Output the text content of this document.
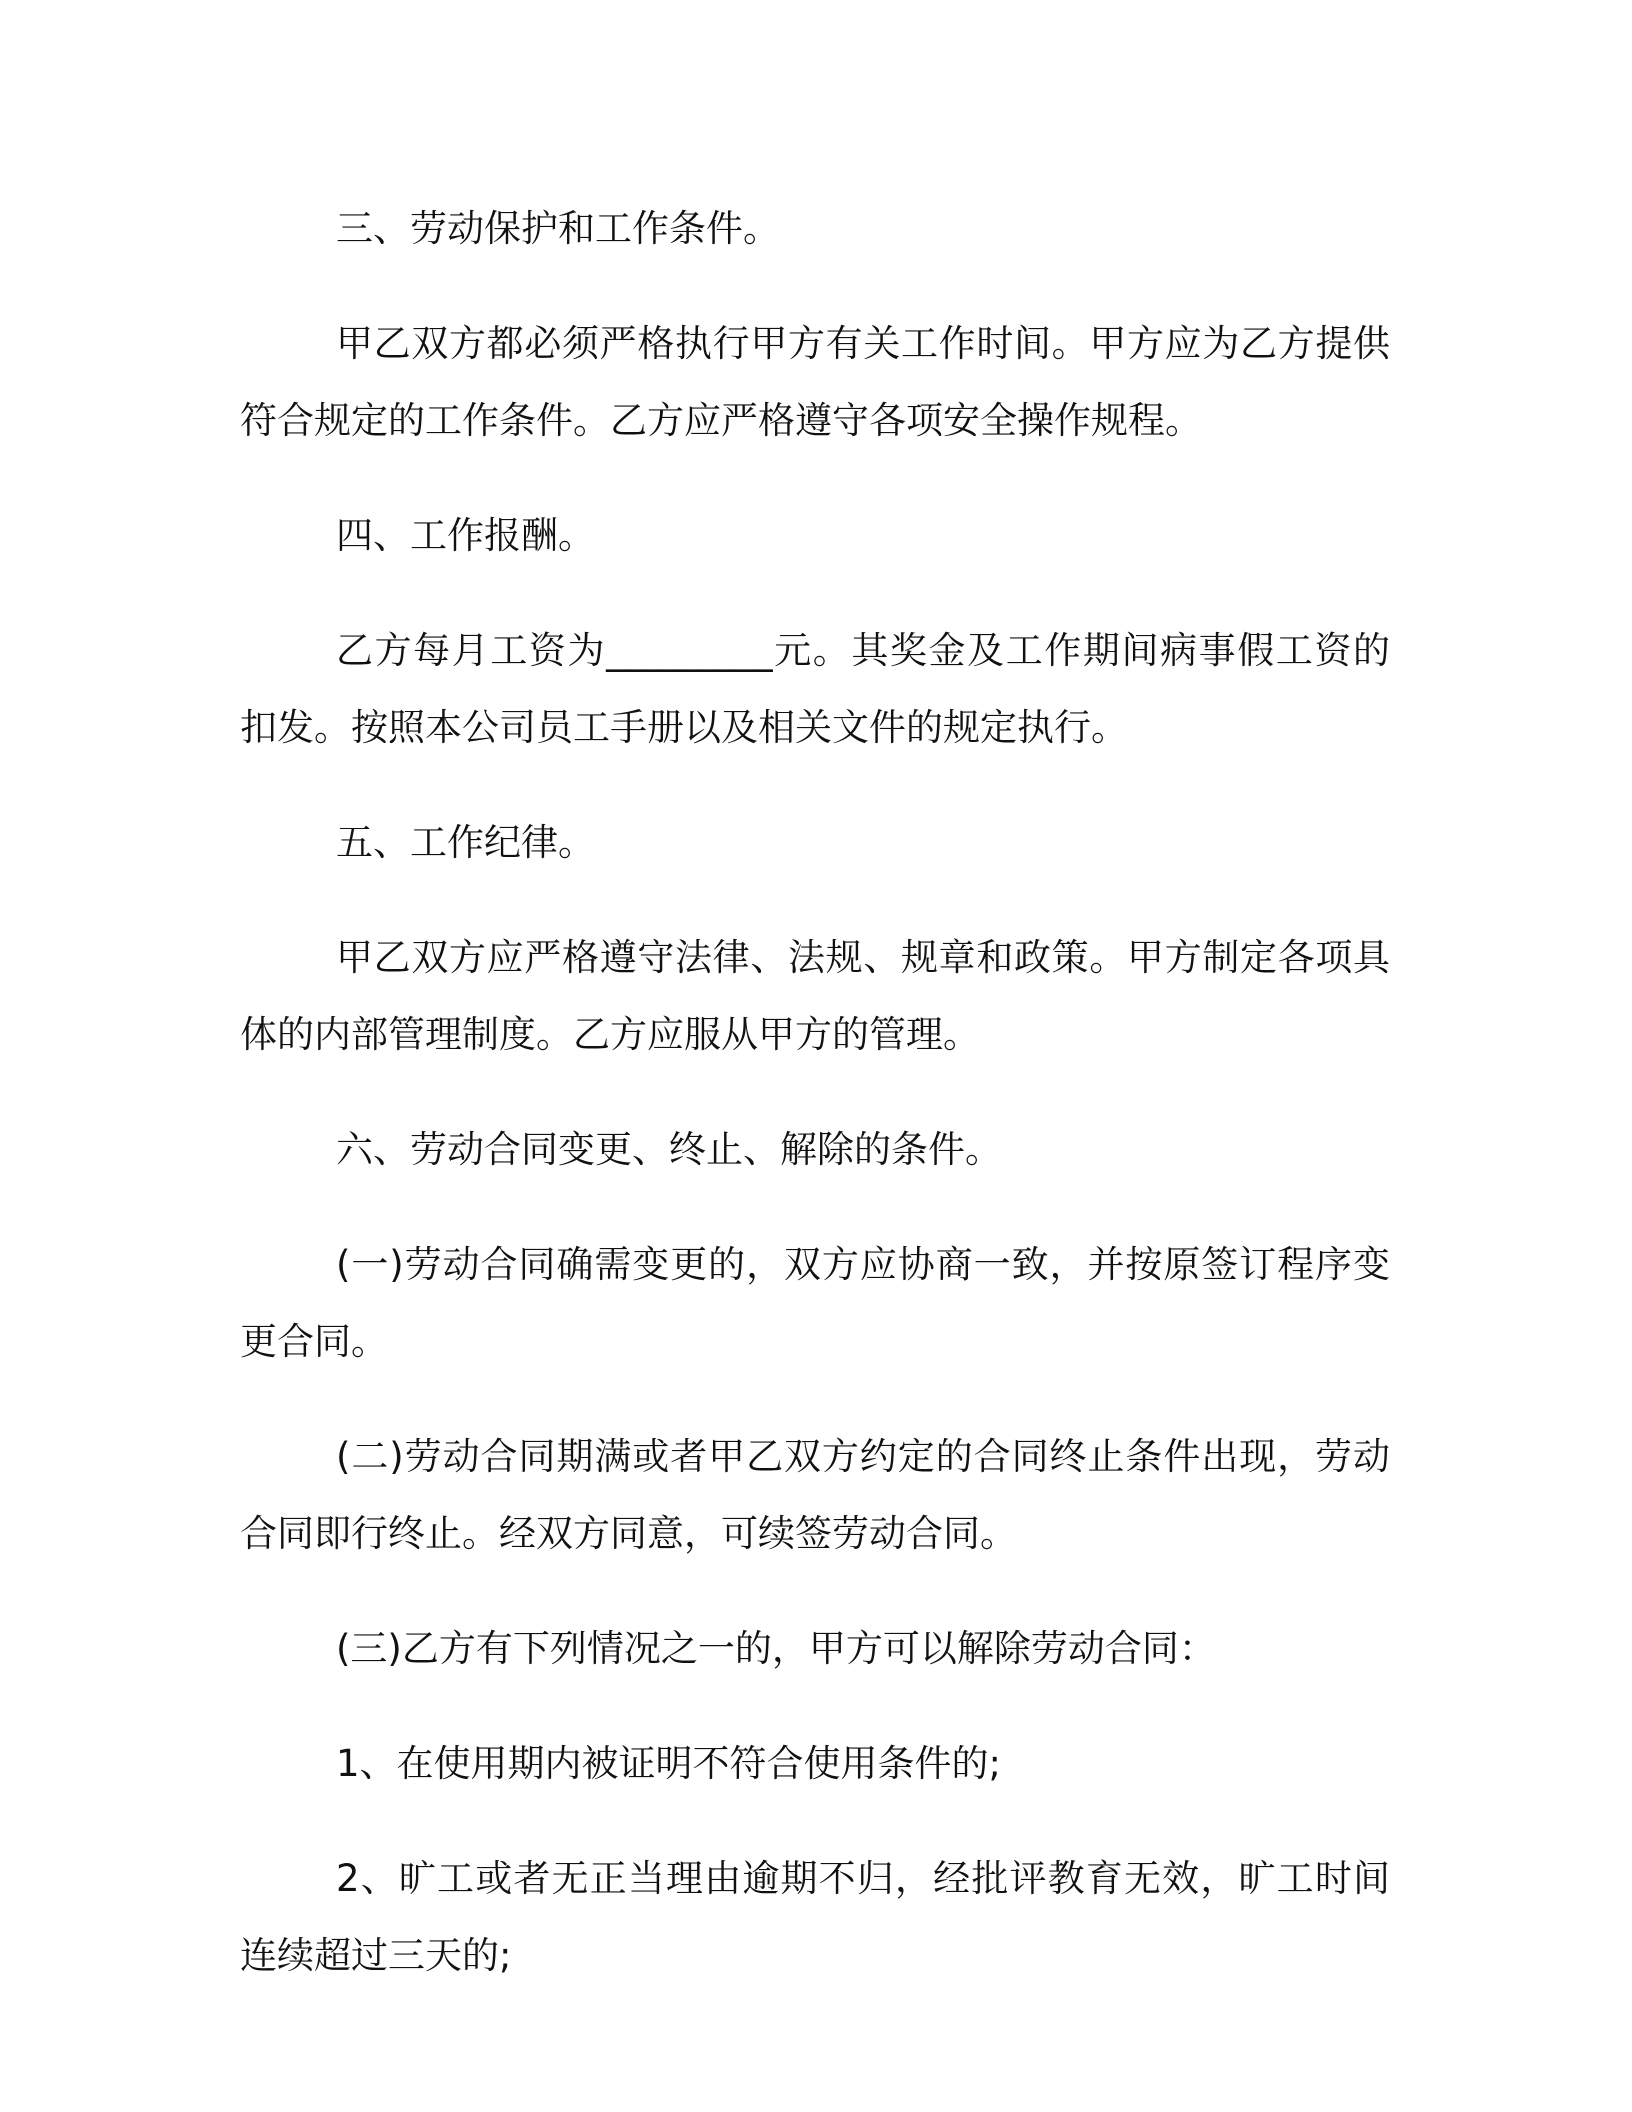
三、劳动保护和工作条件。

甲乙双方都必须严格执行甲方有关工作时间。甲方应为乙方提供符合规定的工作条件。乙方应严格遵守各项安全操作规程。

四、工作报酬。

乙方每月工资为_________元。其奖金及工作期间病事假工资的扣发。按照本公司员工手册以及相关文件的规定执行。

五、工作纪律。

甲乙双方应严格遵守法律、法规、规章和政策。甲方制定各项具体的内部管理制度。乙方应服从甲方的管理。

六、劳动合同变更、终止、解除的条件。

(一)劳动合同确需变更的，双方应协商一致，并按原签订程序变更合同。

(二)劳动合同期满或者甲乙双方约定的合同终止条件出现，劳动合同即行终止。经双方同意，可续签劳动合同。

(三)乙方有下列情况之一的，甲方可以解除劳动合同：

1、在使用期内被证明不符合使用条件的;

2、旷工或者无正当理由逾期不归，经批评教育无效，旷工时间连续超过三天的;
